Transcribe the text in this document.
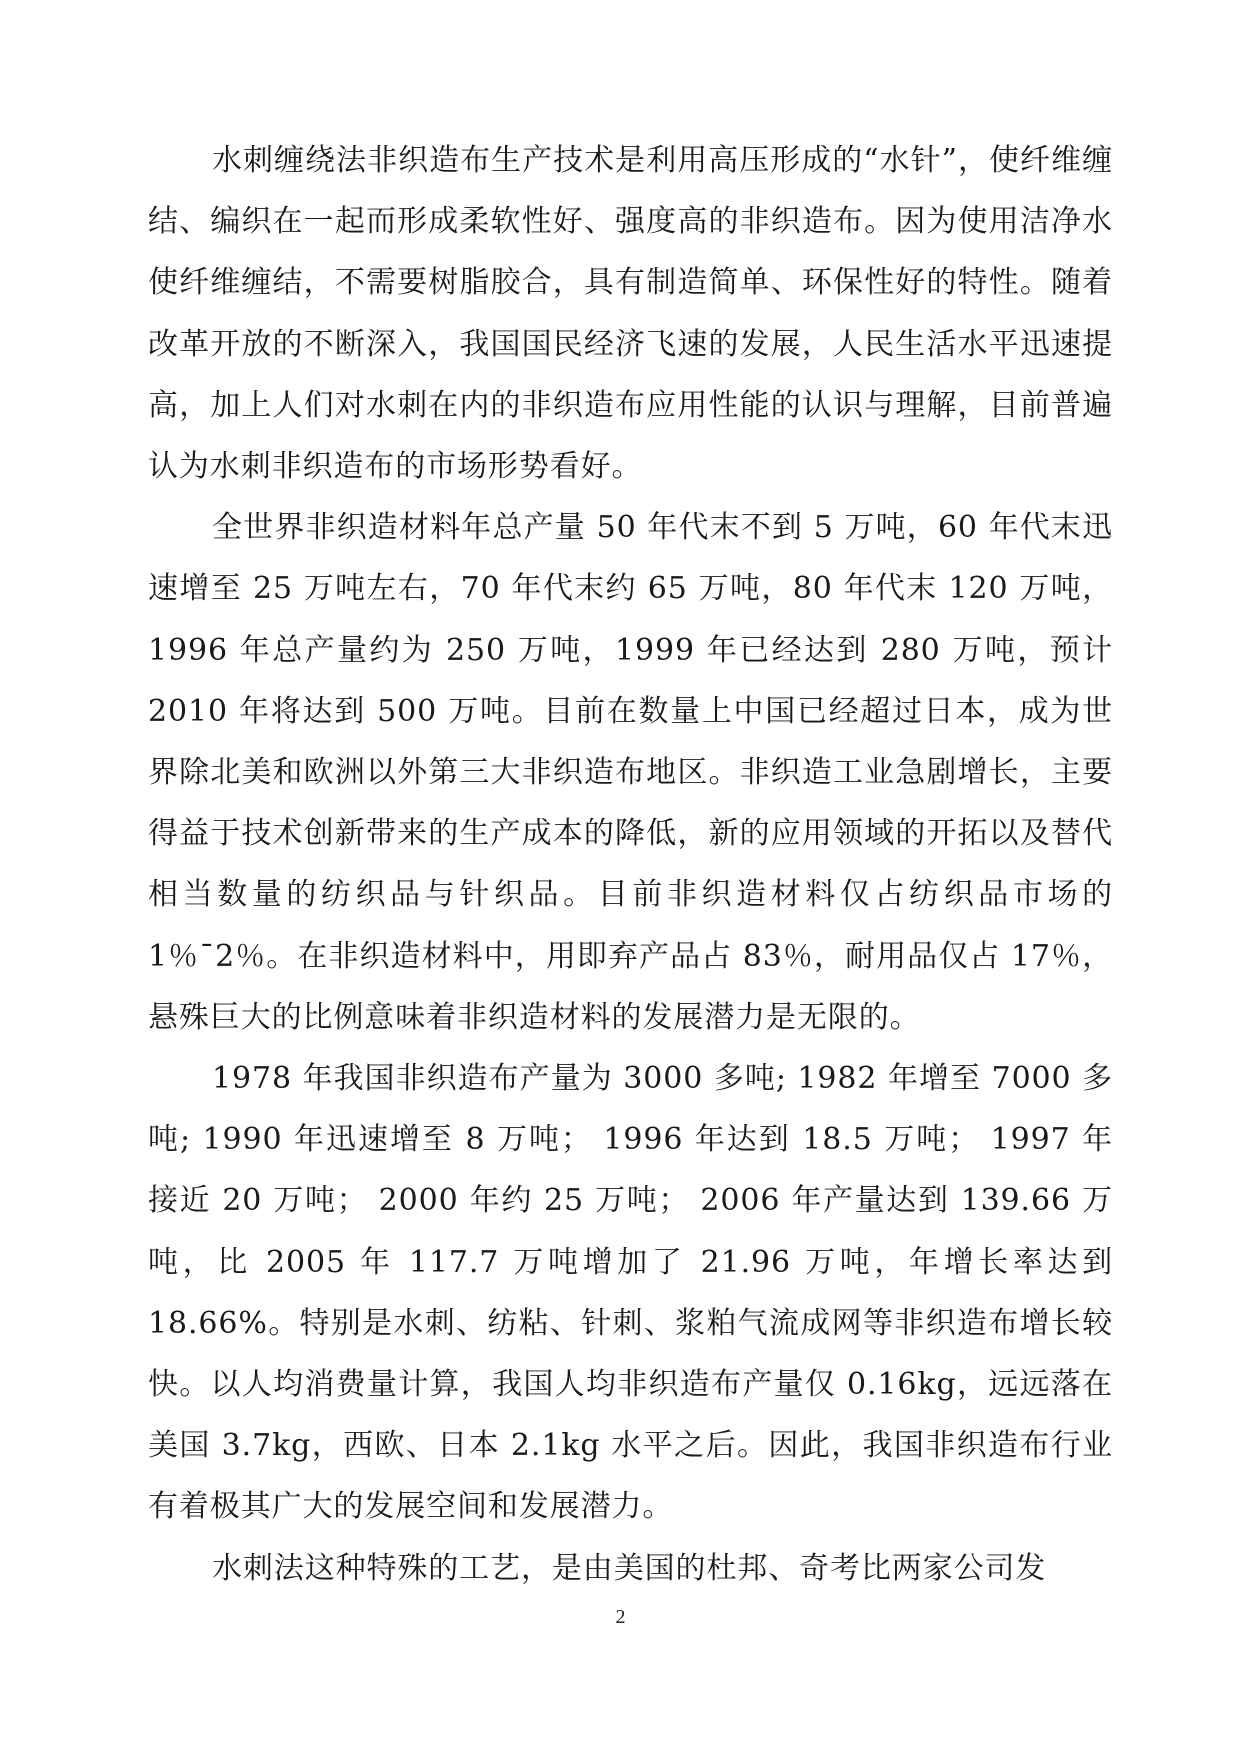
水刺缠绕法非织造布生产技术是利用高压形成的“水针”，使纤维缠结、编织在一起而形成柔软性好、强度高的非织造布。因为使用洁净水使纤维缠结，不需要树脂胶合，具有制造简单、环保性好的特性。随着改革开放的不断深入，我国国民经济飞速的发展，人民生活水平迅速提高，加上人们对水刺在内的非织造布应用性能的认识与理解，目前普遍认为水刺非织造布的市场形势看好。

全世界非织造材料年总产量 50 年代末不到 5 万吨，60 年代末迅速增至 25 万吨左右，70 年代末约 65 万吨，80 年代末 120 万吨，1996 年总产量约为 250 万吨，1999 年已经达到 280 万吨，预计 2010 年将达到 500 万吨。目前在数量上中国已经超过日本，成为世界除北美和欧洲以外第三大非织造布地区。非织造工业急剧增长，主要得益于技术创新带来的生产成本的降低，新的应用领域的开拓以及替代相当数量的纺织品与针织品。目前非织造材料仅占纺织品市场的 1％¯2％。在非织造材料中，用即弃产品占 83％，耐用品仅占 17％，悬殊巨大的比例意味着非织造材料的发展潜力是无限的。

1978 年我国非织造布产量为 3000 多吨; 1982 年增至 7000 多吨; 1990 年迅速增至 8 万吨； 1996 年达到 18.5 万吨； 1997 年接近 20 万吨； 2000 年约 25 万吨； 2006 年产量达到 139.66 万吨，比 2005 年 117.7 万吨增加了 21.96 万吨，年增长率达到 18.66%。特别是水刺、纺粘、针刺、浆粕气流成网等非织造布增长较快。以人均消费量计算，我国人均非织造布产量仅 0.16kg，远远落在美国 3.7kg，西欧、日本 2.1kg 水平之后。因此，我国非织造布行业有着极其广大的发展空间和发展潜力。

水刺法这种特殊的工艺，是由美国的杜邦、奇考比两家公司发

2
